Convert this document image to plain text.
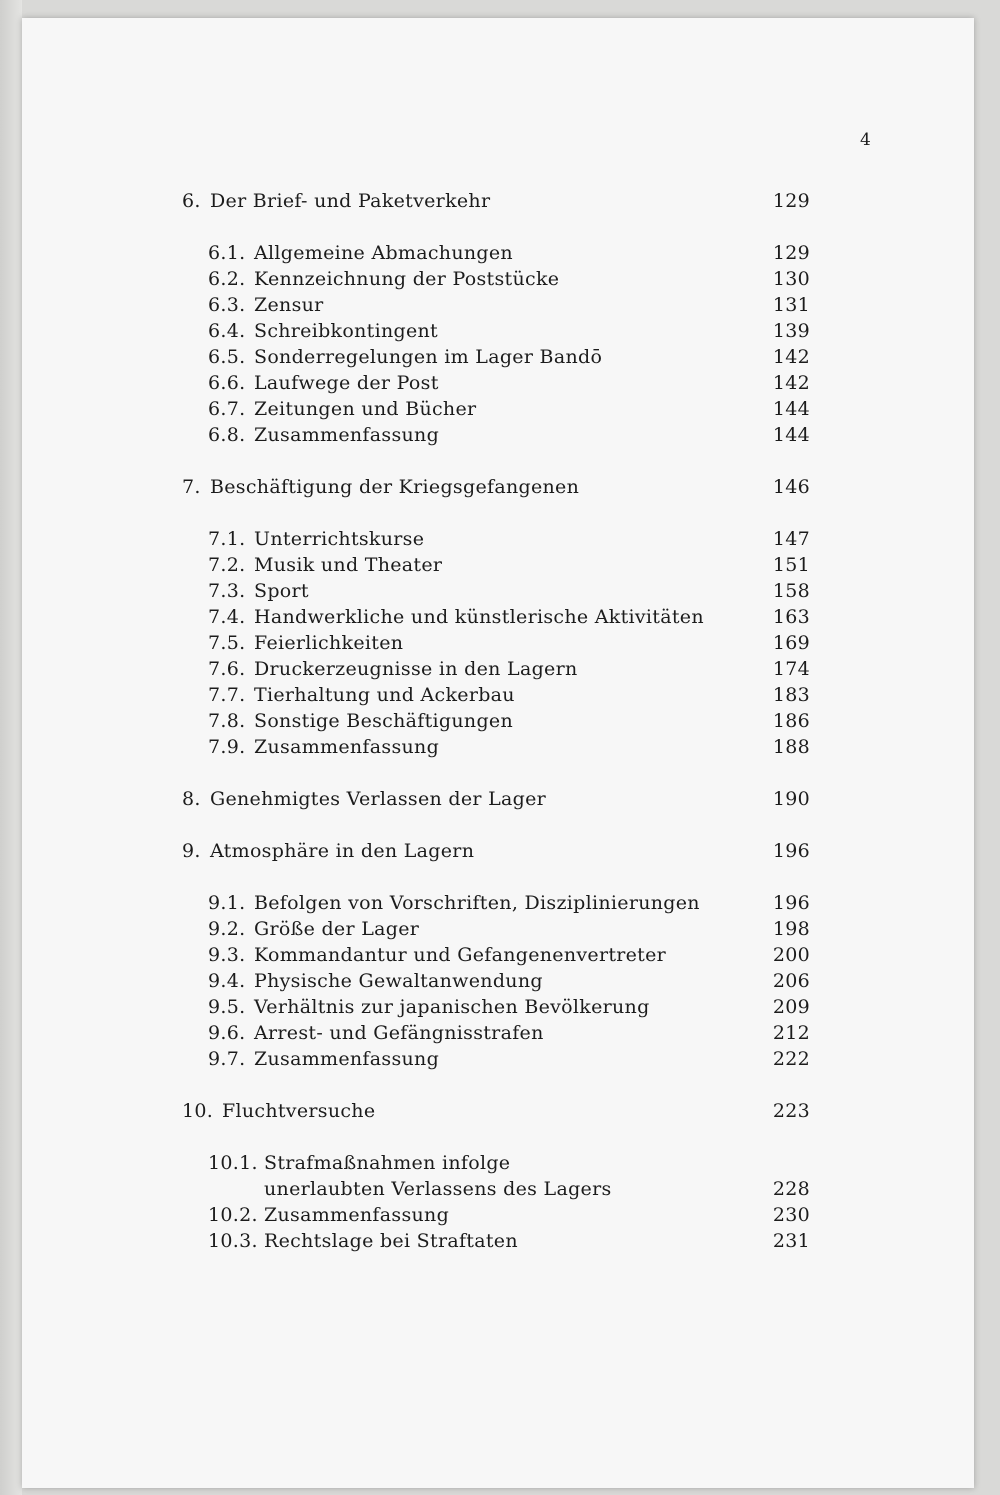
4
6. Der Brief- und Paketverkehr	129
6.1. Allgemeine Abmachungen	129
6.2. Kennzeichnung der Poststücke	130
6.3. Zensur	131
6.4. Schreibkontingent	139
6.5. Sonderregelungen im Lager Bandō	142
6.6. Laufwege der Post	142
6.7. Zeitungen und Bücher	144
6.8. Zusammenfassung	144
7. Beschäftigung der Kriegsgefangenen	146
7.1. Unterrichtskurse	147
7.2. Musik und Theater	151
7.3. Sport	158
7.4. Handwerkliche und künstlerische Aktivitäten	163
7.5. Feierlichkeiten	169
7.6. Druckerzeugnisse in den Lagern	174
7.7. Tierhaltung und Ackerbau	183
7.8. Sonstige Beschäftigungen	186
7.9. Zusammenfassung	188
8. Genehmigtes Verlassen der Lager	190
9. Atmosphäre in den Lagern	196
9.1. Befolgen von Vorschriften, Disziplinierungen	196
9.2. Größe der Lager	198
9.3. Kommandantur und Gefangenenvertreter	200
9.4. Physische Gewaltanwendung	206
9.5. Verhältnis zur japanischen Bevölkerung	209
9.6. Arrest- und Gefängnisstrafen	212
9.7. Zusammenfassung	222
10. Fluchtversuche	223
10.1. Strafmaßnahmen infolge
unerlaubten Verlassens des Lagers	228
10.2. Zusammenfassung	230
10.3. Rechtslage bei Straftaten	231
